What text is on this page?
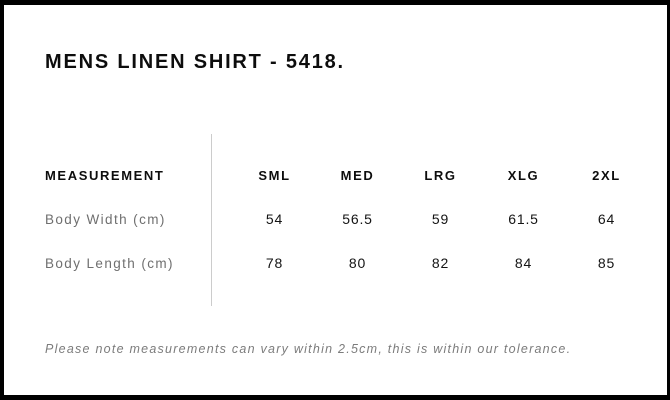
MENS LINEN SHIRT - 5418.
MEASUREMENT	SML	MED	LRG	XLG	2XL
Body Width (cm)	54	56.5	59	61.5	64
Body Length (cm)	78	80	82	84	85

Please note measurements can vary within 2.5cm, this is within our tolerance.
